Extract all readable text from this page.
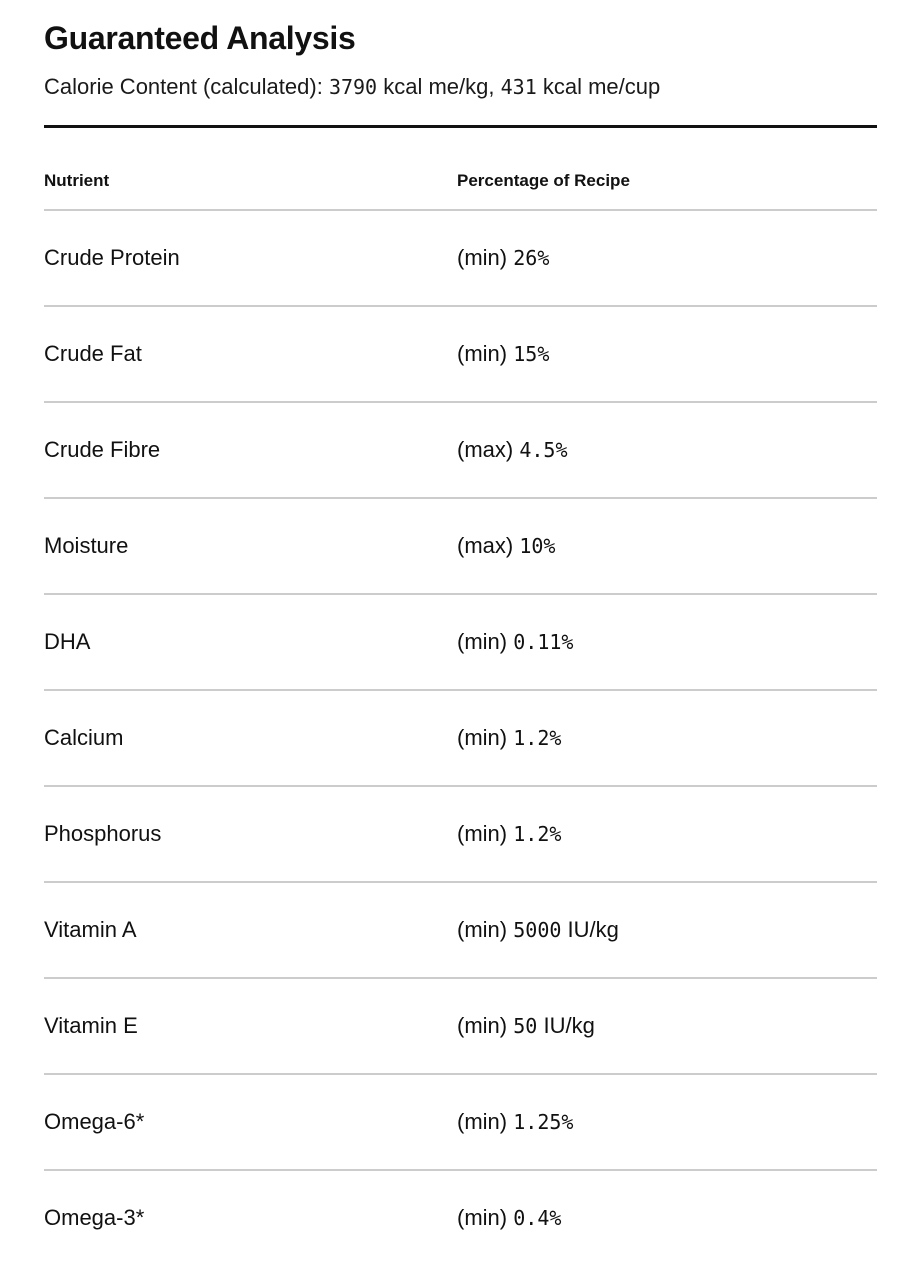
Guaranteed Analysis
Calorie Content (calculated): 3790 kcal me/kg, 431 kcal me/cup
Nutrient	Percentage of Recipe
Crude Protein	(min) 26%
Crude Fat	(min) 15%
Crude Fibre	(max) 4.5%
Moisture	(max) 10%
DHA	(min) 0.11%
Calcium	(min) 1.2%
Phosphorus	(min) 1.2%
Vitamin A	(min) 5000 IU/kg
Vitamin E	(min) 50 IU/kg
Omega-6*	(min) 1.25%
Omega-3*	(min) 0.4%
